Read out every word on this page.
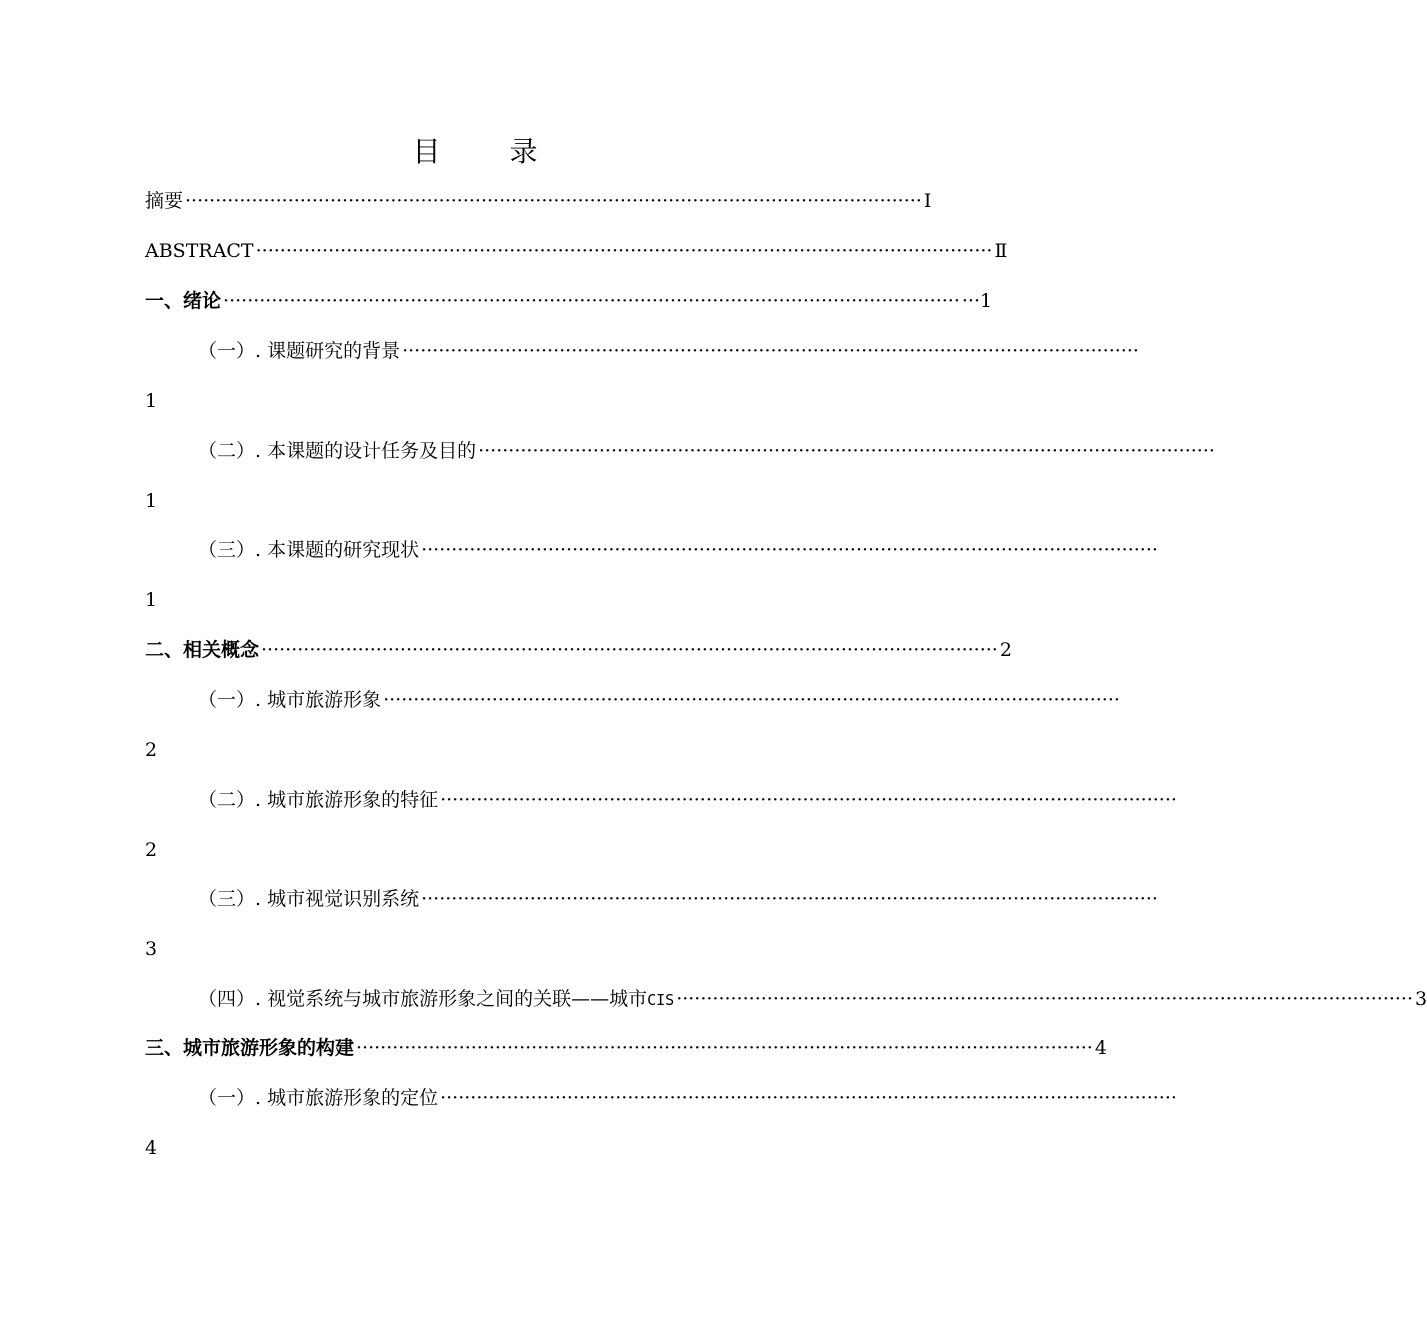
目 录
摘要 ·························································································································· Ⅰ
ABSTRACT ·························································································································· Ⅱ
一、 绪论 ·························································································································· ···1
（一）. 课题研究的背景 ··························································································································
1
（二）. 本课题的设计任务及目的 ··························································································································
1
（三）. 本课题的研究现状 ··························································································································
1
二、相关概念 ·························································································································· 2
（一）. 城市旅游形象 ··························································································································
2
（二）. 城市旅游形象的特征 ··························································································································
2
（三）. 城市视觉识别系统 ··························································································································
3
（四）. 视觉系统与城市旅游形象之间的关联——城市 CIS ·························································································································· 3
三、城市旅游形象的构建 ·························································································································· 4
（一）. 城市旅游形象的定位 ··························································································································
4
